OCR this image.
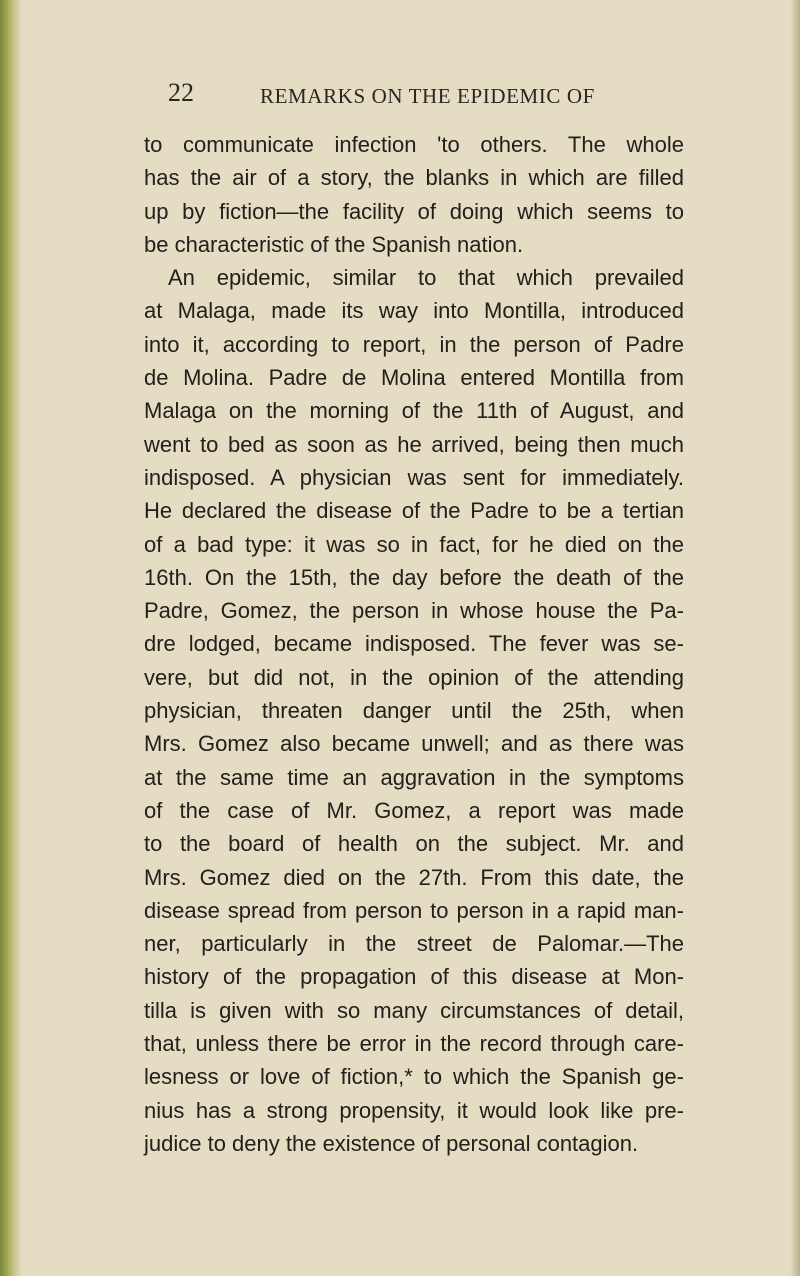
22	REMARKS ON THE EPIDEMIC OF
to communicate infection 'to others. The whole
has the air of a story, the blanks in which are filled
up by fiction—the facility of doing which seems to
be characteristic of the Spanish nation.
An epidemic, similar to that which prevailed
at Malaga, made its way into Montilla, introduced
into it, according to report, in the person of Padre
de Molina. Padre de Molina entered Montilla from
Malaga on the morning of the 11th of August, and
went to bed as soon as he arrived, being then much
indisposed. A physician was sent for immediately.
He declared the disease of the Padre to be a tertian
of a bad type: it was so in fact, for he died on the
16th. On the 15th, the day before the death of the
Padre, Gomez, the person in whose house the Pa-
dre lodged, became indisposed. The fever was se-
vere, but did not, in the opinion of the attending
physician, threaten danger until the 25th, when
Mrs. Gomez also became unwell; and as there was
at the same time an aggravation in the symptoms
of the case of Mr. Gomez, a report was made
to the board of health on the subject. Mr. and
Mrs. Gomez died on the 27th. From this date, the
disease spread from person to person in a rapid man-
ner, particularly in the street de Palomar.—The
history of the propagation of this disease at Mon-
tilla is given with so many circumstances of detail,
that, unless there be error in the record through care-
lesness or love of fiction,* to which the Spanish ge-
nius has a strong propensity, it would look like pre-
judice to deny the existence of personal contagion.
